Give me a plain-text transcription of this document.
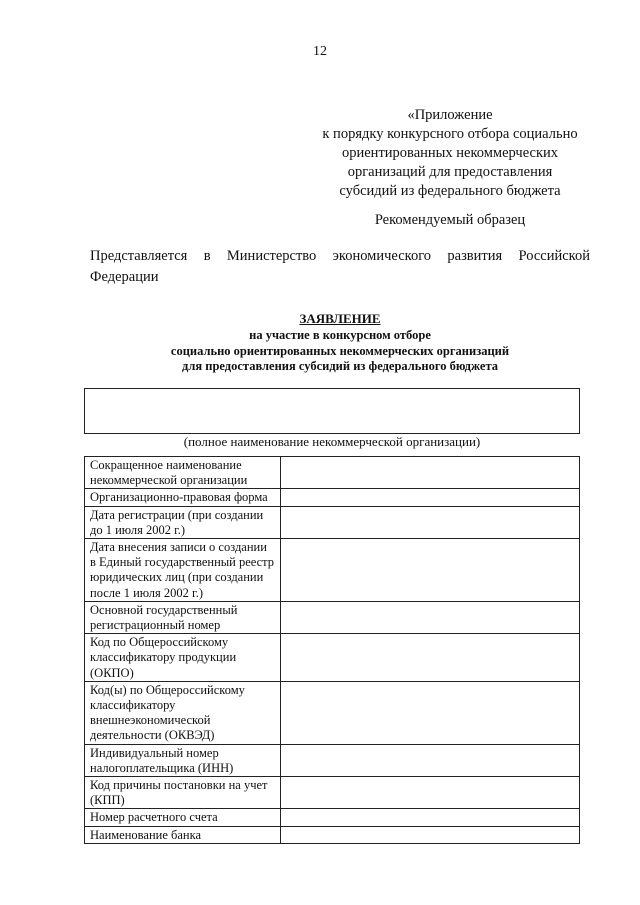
12
«Приложение
к порядку конкурсного отбора социально
ориентированных некоммерческих
организаций для предоставления
субсидий из федерального бюджета
Рекомендуемый образец
Представляется в Министерство экономического развития Российской Федерации
ЗАЯВЛЕНИЕ
на участие в конкурсном отборе
социально ориентированных некоммерческих организаций
для предоставления субсидий из федерального бюджета
(полное наименование некоммерческой организации)
Сокращенное наименование некоммерческой организации	
Организационно-правовая форма	
Дата регистрации (при создании до 1 июля 2002 г.)	
Дата внесения записи о создании в Единый государственный реестр юридических лиц (при создании после 1 июля 2002 г.)	
Основной государственный регистрационный номер	
Код по Общероссийскому классификатору продукции (ОКПО)	
Код(ы) по Общероссийскому классификатору внешнеэкономической деятельности (ОКВЭД)	
Индивидуальный номер налогоплательщика (ИНН)	
Код причины постановки на учет (КПП)	
Номер расчетного счета	
Наименование банка	
